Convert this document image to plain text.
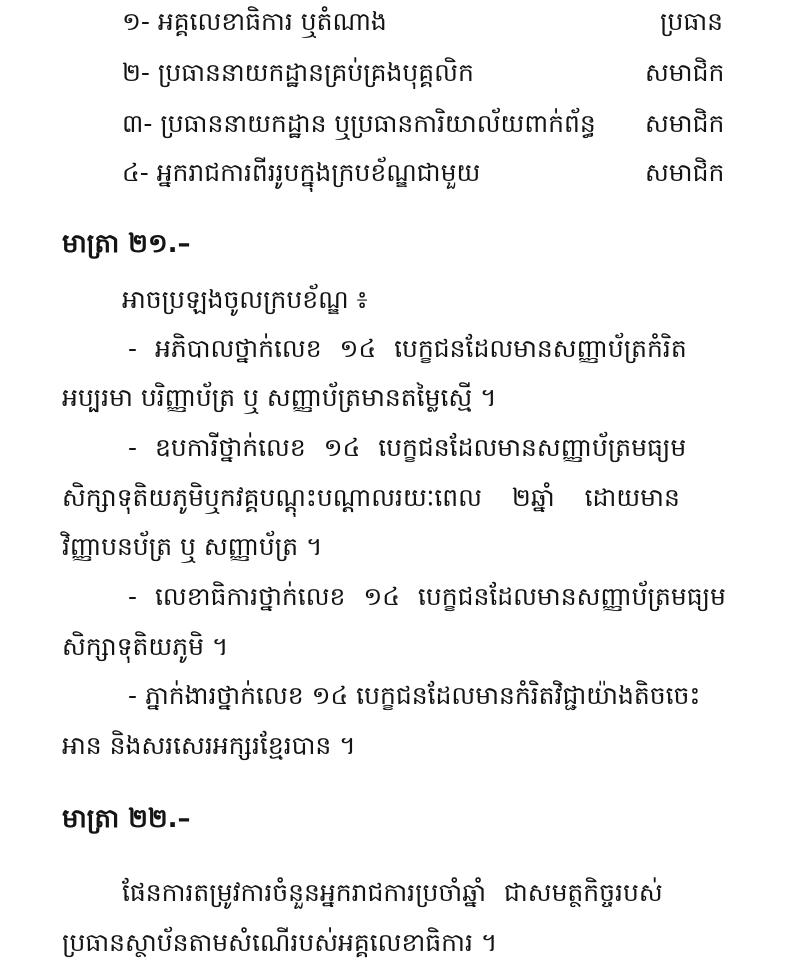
១- អគ្គលេខាធិការ ឬតំណាង	ប្រធាន
២- ប្រធាននាយកដ្ឋានគ្រប់គ្រងបុគ្គលិក	សមាជិក
៣- ប្រធាននាយកដ្ឋាន ឬប្រធានការិយាល័យពាក់ព័ន្ធ សមាជិក
៤- អ្នករាជការពីររូបក្នុងក្របខ័ណ្ឌជាមួយ	សមាជិក
មាត្រា ២១.–
អាចប្រឡងចូលក្របខ័ណ្ឌ ៖
- អភិបាលថ្នាក់លេខ ១៤ បេក្ខជនដែលមានសញ្ញាប័ត្រកំរិត
អប្បរមា បរិញ្ញាប័ត្រ ឬ សញ្ញាប័ត្រមានតម្លៃស្មើ ។
- ឧបការីថ្នាក់លេខ ១៤ បេក្ខជនដែលមានសញ្ញាប័ត្រមធ្យម
សិក្សាទុតិយភូមិឬកវគ្គបណ្តុះបណ្តាលរយៈពេល ២ឆ្នាំ ដោយមាន
វិញ្ញាបនប័ត្រ ឬ សញ្ញាប័ត្រ ។
- លេខាធិការថ្នាក់លេខ ១៤ បេក្ខជនដែលមានសញ្ញាប័ត្រមធ្យម
សិក្សាទុតិយភូមិ ។
- ភ្នាក់ងារថ្នាក់លេខ ១៤ បេក្ខជនដែលមានកំរិតវិជ្ជាយ៉ាងតិចចេះ
អាន និងសរសេរអក្សរខ្មែរបាន ។
មាត្រា ២២.–
ផែនការតម្រូវការចំនួនអ្នករាជការប្រចាំឆ្នាំ ជាសមត្ថកិច្ចរបស់
ប្រធានស្ថាប័នតាមសំណើរបស់អគ្គលេខាធិការ ។
